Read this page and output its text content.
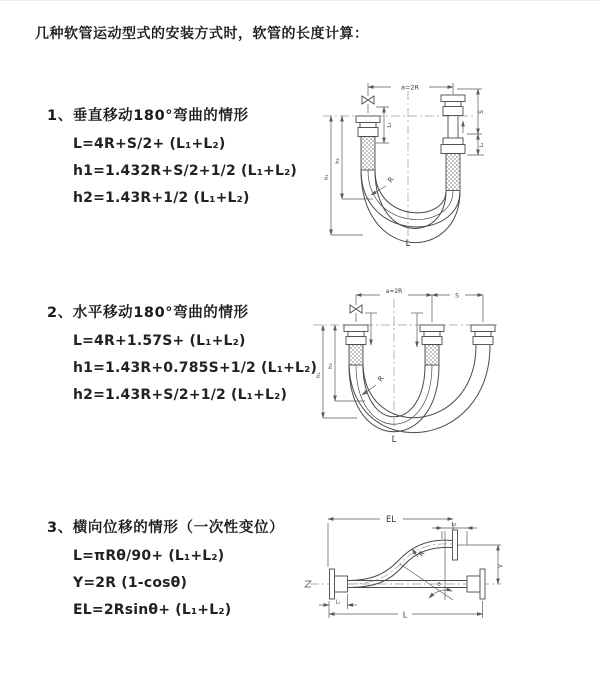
几种软管运动型式的安装方式时，软管的长度计算：
1、垂直移动180°弯曲的情形
L=4R+S/2+ (L₁+L₂)
h1=1.432R+S/2+1/2 (L₁+L₂)
h2=1.43R+1/2 (L₁+L₂)
a=2R
L₁
S
L₂
h₁
h₂
R
L
2、水平移动180°弯曲的情形
L=4R+1.57S+ (L₁+L₂)
h1=1.43R+0.785S+1/2 (L₁+L₂)
h2=1.43R+S/2+1/2 (L₁+L₂)
a=2R
S
h₁
h₂
R
L
3、横向位移的情形（一次性变位）
L=πRθ/90+ (L₁+L₂)
Y=2R (1-cosθ)
EL=2Rsinθ+ (L₁+L₂)
EL	L₂
Y
θ
R
L₁
L
